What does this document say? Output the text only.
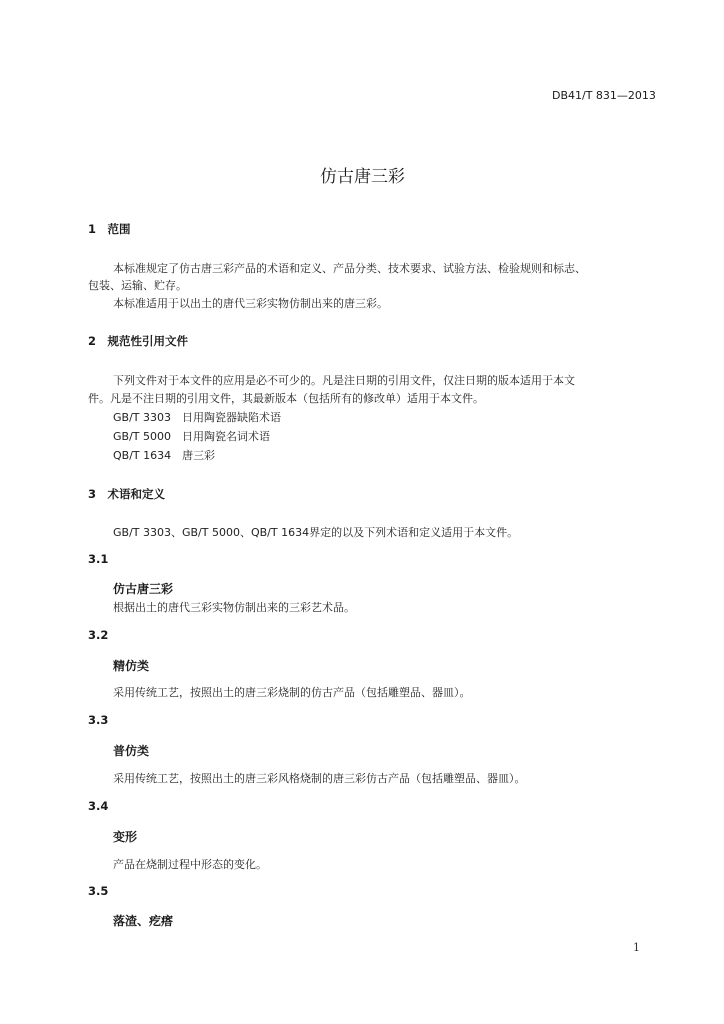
DB41/T 831—2013
仿古唐三彩
1　范围
本标准规定了仿古唐三彩产品的术语和定义、产品分类、技术要求、试验方法、检验规则和标志、
包装、运输、贮存。
本标准适用于以出土的唐代三彩实物仿制出来的唐三彩。
2　规范性引用文件
下列文件对于本文件的应用是必不可少的。凡是注日期的引用文件，仅注日期的版本适用于本文
件。凡是不注日期的引用文件，其最新版本（包括所有的修改单）适用于本文件。
GB/T 3303　日用陶瓷器缺陷术语
GB/T 5000　日用陶瓷名词术语
QB/T 1634　唐三彩
3　术语和定义
GB/T 3303、GB/T 5000、QB/T 1634界定的以及下列术语和定义适用于本文件。
3.1
仿古唐三彩
根据出土的唐代三彩实物仿制出来的三彩艺术品。
3.2
精仿类
采用传统工艺，按照出土的唐三彩烧制的仿古产品（包括雕塑品、器皿）。
3.3
普仿类
采用传统工艺，按照出土的唐三彩风格烧制的唐三彩仿古产品（包括雕塑品、器皿）。
3.4
变形
产品在烧制过程中形态的变化。
3.5
落渣、疙瘩
1
